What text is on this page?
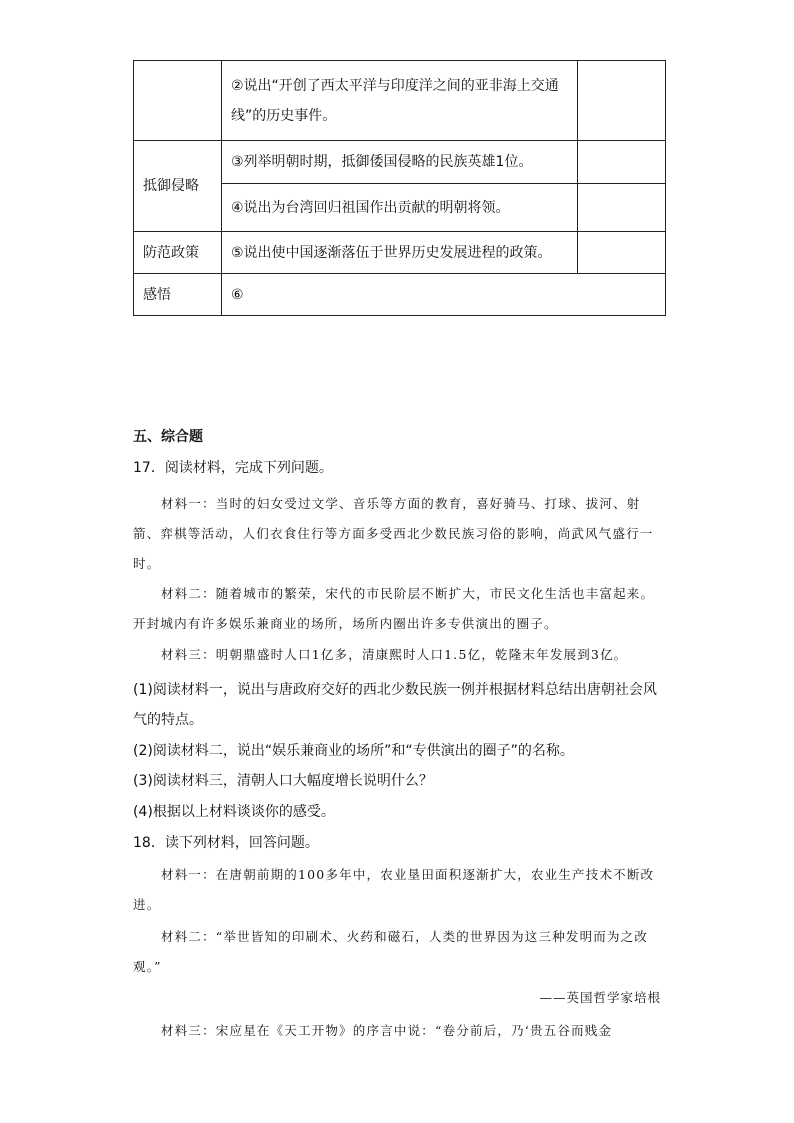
	②说出“开创了西太平洋与印度洋之间的亚非海上交通线”的历史事件。	
抵御侵略	③列举明朝时期，抵御倭国侵略的民族英雄1位。	
	④说出为台湾回归祖国作出贡献的明朝将领。	
防范政策	⑤说出使中国逐渐落伍于世界历史发展进程的政策。	
感悟	⑥	
五、综合题
17．阅读材料，完成下列问题。

材料一：当时的妇女受过文学、音乐等方面的教育，喜好骑马、打球、拔河、射箭、弈棋等活动，人们衣食住行等方面多受西北少数民族习俗的影响，尚武风气盛行一时。

材料二：随着城市的繁荣，宋代的市民阶层不断扩大，市民文化生活也丰富起来。开封城内有许多娱乐兼商业的场所，场所内圈出许多专供演出的圈子。

材料三：明朝鼎盛时人口1亿多，清康熙时人口1.5亿，乾隆末年发展到3亿。

(1)阅读材料一，说出与唐政府交好的西北少数民族一例并根据材料总结出唐朝社会风
气的特点。
(2)阅读材料二，说出“娱乐兼商业的场所”和“专供演出的圈子”的名称。
(3)阅读材料三，清朝人口大幅度增长说明什么？
(4)根据以上材料谈谈你的感受。
18．读下列材料，回答问题。

材料一：在唐朝前期的100多年中，农业垦田面积逐渐扩大，农业生产技术不断改进。

材料二：“举世皆知的印刷术、火药和磁石，人类的世界因为这三种发明而为之改观。”

——英国哲学家培根

材料三：宋应星在《天工开物》的序言中说：“卷分前后，乃‘贵五谷而贱金
